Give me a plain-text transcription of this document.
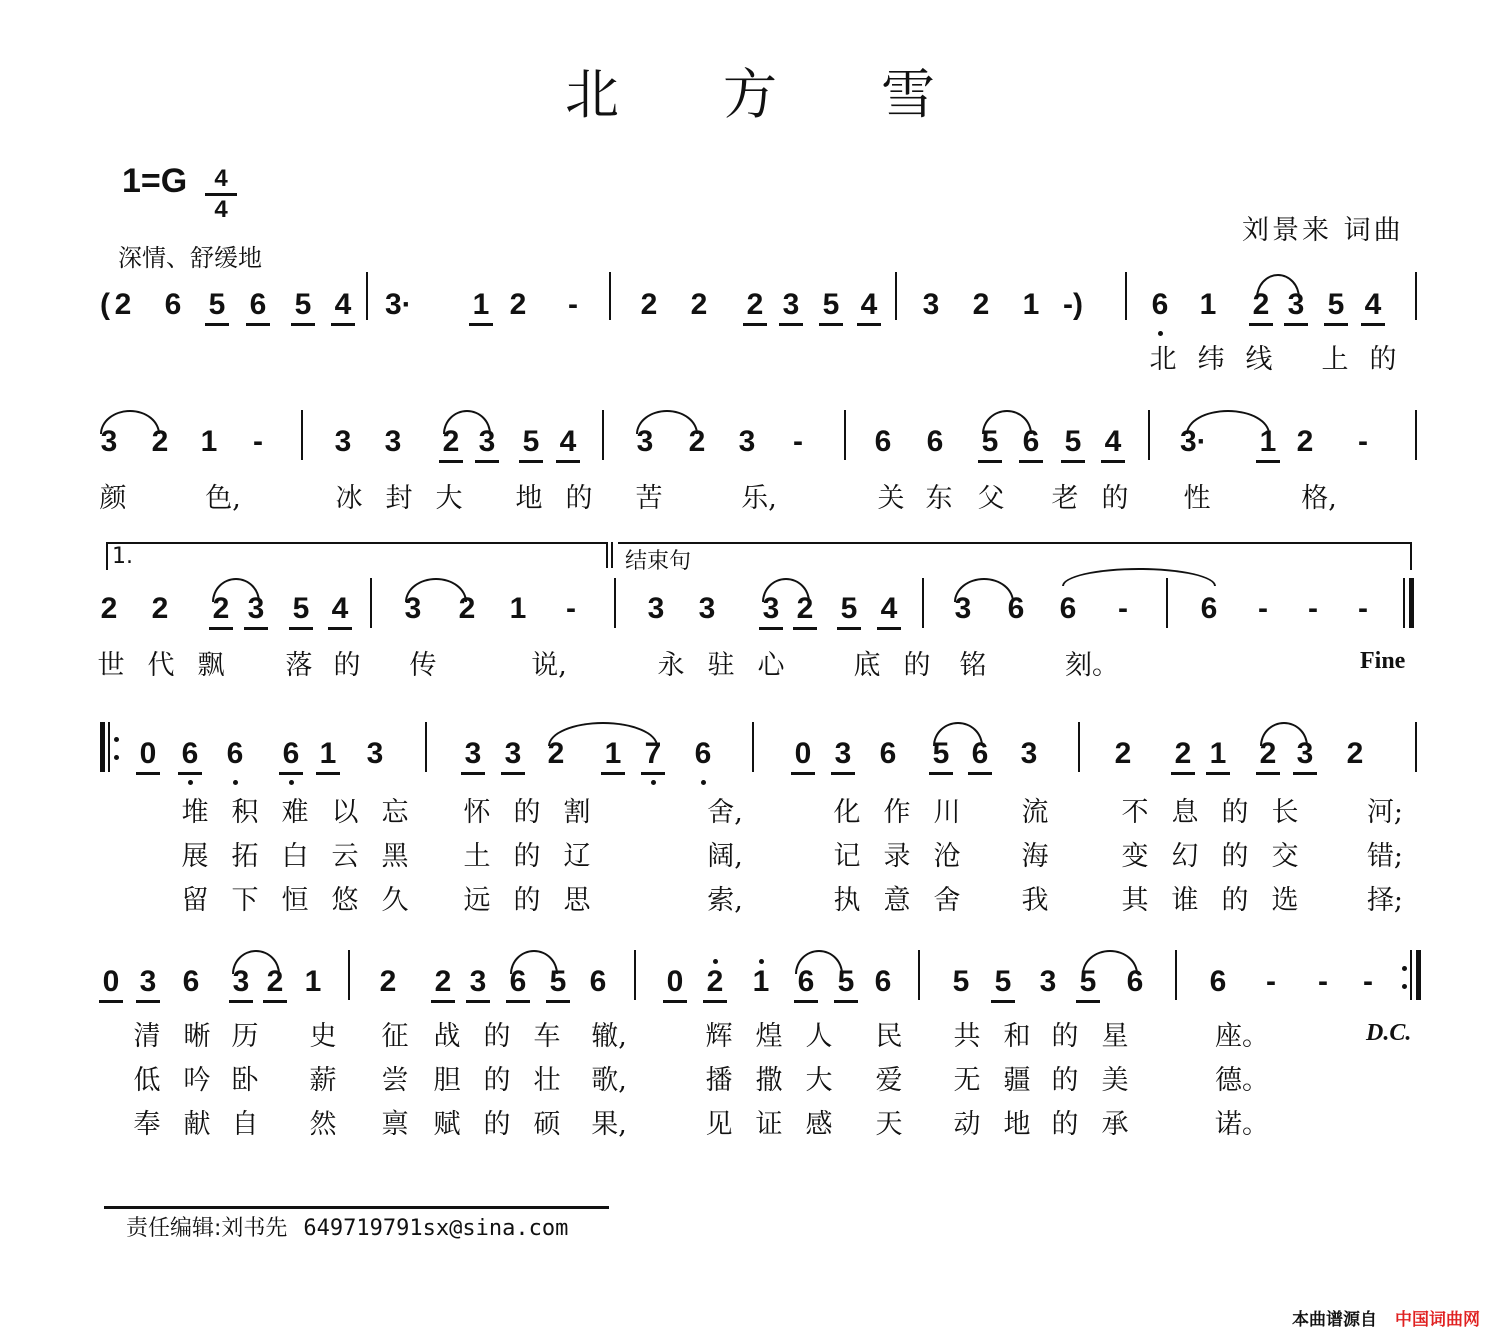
北 方 雪
1=G	4
4
深情、舒缓地
刘景来 词曲
( 2 6 5 6 5 4 3· 1 2 - 2 2 2 3 5 4 3 2 1 -) 6 1 2 3 5 4
北 纬 线 上 的
3 2 1 - 3 3 2 3 5 4 3 2 3 - 6 6 5 6 5 4 3· 1 2 -
颜	色,	冰 封 大 地 的 苦	乐,	关 东 父 老 的 性	格,
1.	结束句
2 2 2 3 5 4 3 2 1 - 3 3 3 2 5 4 3 6 6 - 6 - - -
世 代 飘 落 的 传	说,	永 驻 心	底 的 铭	刻。	Fine
0 6 6 6 1 3	3 3 2 1 7 6	0 3 6 5 6 3	2 2 1 2 3 2
堆 积 难 以 忘 怀 的 割	舍,	化 作 川 流	不 息 的 长	河;
展 拓 白 云 黑 土 的 辽	阔,	记 录 沧 海	变 幻 的 交	错;
留 下 恒 悠 久 远 的 思	索,	执 意 舍 我	其 谁 的 选	择;
0 3 6 3 2 1 2 2 3 6 5 6 0 2 1 6 5 6 5 5 3 5 6 6 - - -
清 晰 历 史 征 战 的 车 辙,	辉 煌 人 民 共 和 的 星	座。
低 吟 卧 薪 尝 胆 的 壮 歌,	播 撒 大 爱 无 疆 的 美	德。
奉 献 自 然 禀 赋 的 硕 果,	见 证 感 天 动 地 的 承	诺。
D.C.
责任编辑:刘书先 649719791sx@sina.com
本曲谱源自 中国词曲网
